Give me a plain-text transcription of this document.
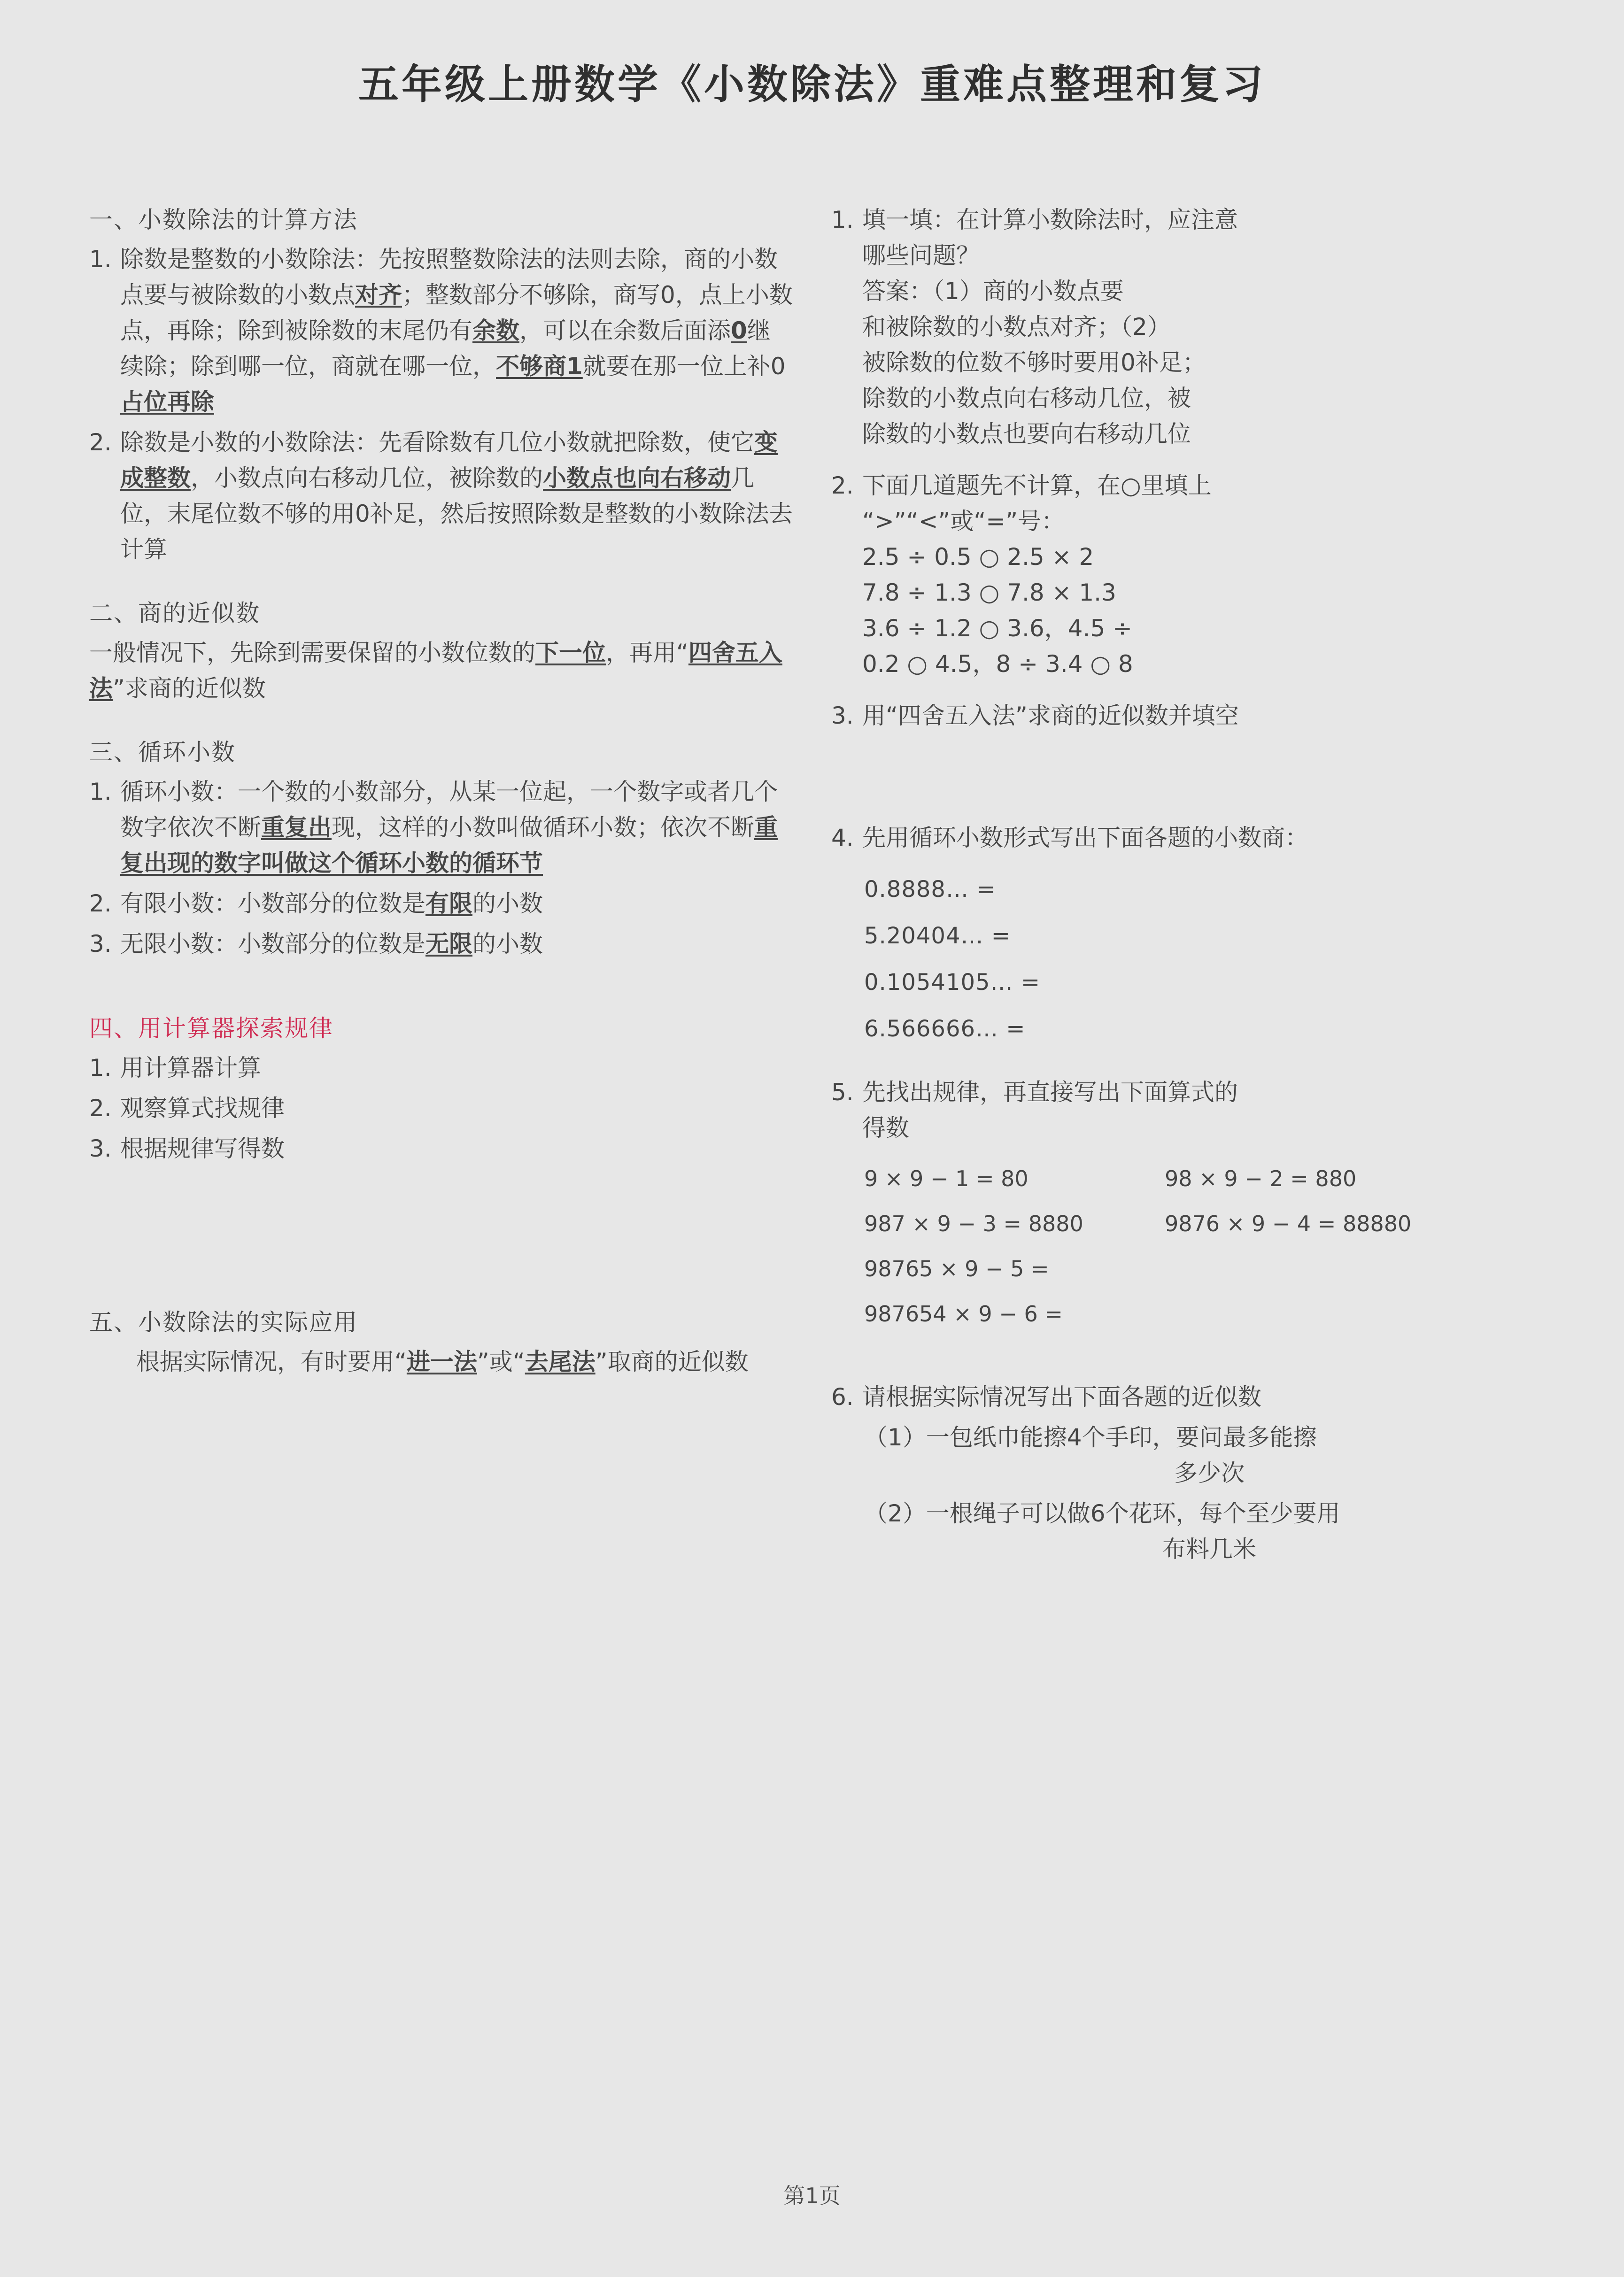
五年级上册数学《小数除法》重难点整理和复习
一、小数除法的计算方法
1. 除数是整数的小数除法：先按照整数除法的法则去除，商的小数点要与被除数的小数点对齐；整数部分不够除，商写0，点上小数点，再除；除到被除数的末尾仍有余数，可以在余数后面添0继续除；除到哪一位，商就在哪一位，不够商1就要在那一位上补0占位再除
2. 除数是小数的小数除法：先看除数有几位小数就把除数，使它变成整数，小数点向右移动几位，被除数的小数点也向右移动几位，末尾位数不够的用0补足，然后按照除数是整数的小数除法去计算
二、商的近似数
一般情况下，先除到需要保留的小数位数的下一位，再用“四舍五入法”求商的近似数
三、循环小数
1. 循环小数：一个数的小数部分，从某一位起，一个数字或者几个数字依次不断重复出现，这样的小数叫做循环小数；依次不断重复出现的数字叫做这个循环小数的循环节
2. 有限小数：小数部分的位数是有限的小数
3. 无限小数：小数部分的位数是无限的小数
四、用计算器探索规律
1. 用计算器计算
2. 观察算式找规律
3. 根据规律写得数
五、小数除法的实际应用
根据实际情况，有时要用“进一法”或“去尾法”取商的近似数
1. 填一填：在计算小数除法时，应注意
哪些问题？
答案：（1）商的小数点要
和被除数的小数点对齐；（2）
被除数的位数不够时要用0补足；
除数的小数点向右移动几位，被
除数的小数点也要向右移动几位
2. 下面几道题先不计算，在○里填上
“>”“<”或“=”号：
2.5 ÷ 0.5 ○ 2.5 × 2
7.8 ÷ 1.3 ○ 7.8 × 1.3
3.6 ÷ 1.2 ○ 3.6，4.5 ÷
0.2 ○ 4.5，8 ÷ 3.4 ○ 8
3. 用“四舍五入法”求商的近似数并填空
4. 先用循环小数形式写出下面各题的小数商：
0.8888… =
5.20404… =
0.1054105… =
6.566666… =
5. 先找出规律，再直接写出下面算式的
得数
9 × 9 − 1 = 80	98 × 9 − 2 = 880
987 × 9 − 3 = 8880	9876 × 9 − 4 = 88880
98765 × 9 − 5 =
987654 × 9 − 6 =
6. 请根据实际情况写出下面各题的近似数
（1）一包纸巾能擦4个手印，要问最多能擦
多少次
（2）一根绳子可以做6个花环，每个至少要用
布料几米
第1页
